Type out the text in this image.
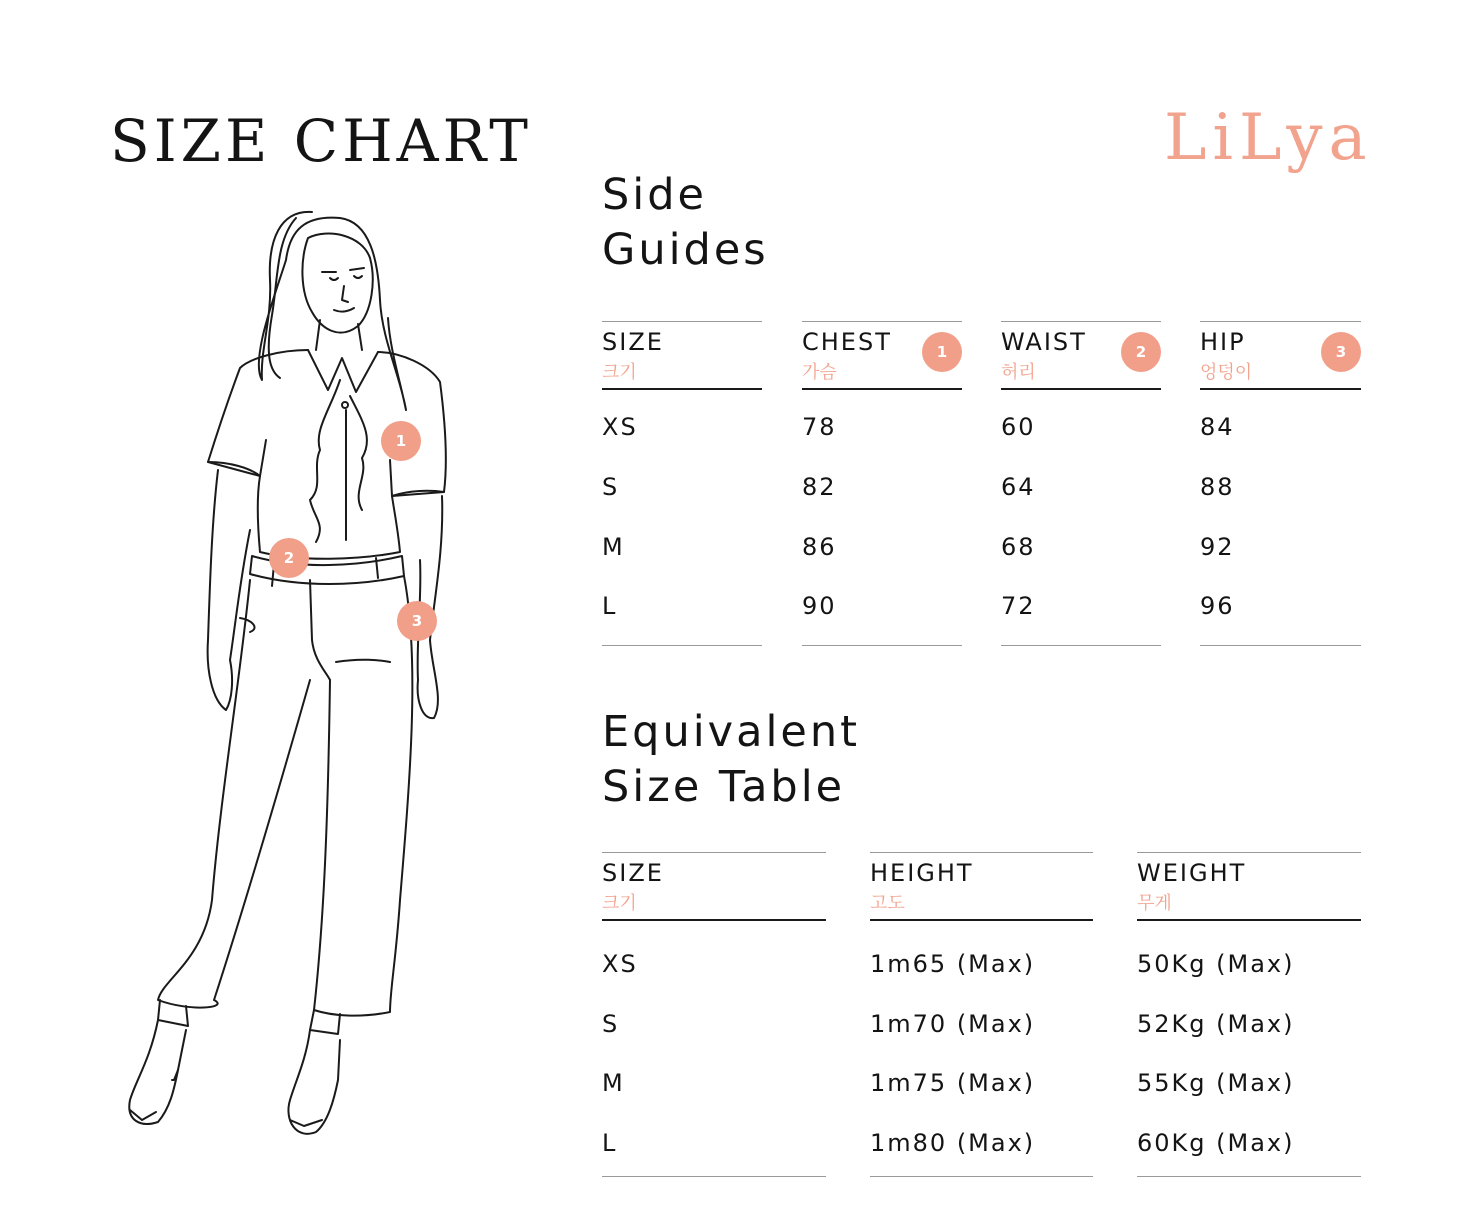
SIZE CHART	LiLya
1
2
3
Side
Guides
SIZE
크기
XS
S
M
L
CHEST
가슴
1
78
82
86
90
WAIST
허리
2
60
64
68
72
HIP
엉덩이
3
84
88
92
96
Equivalent
Size Table
SIZE
크기
XS
S
M
L
HEIGHT
고도
1m65 (Max)
1m70 (Max)
1m75 (Max)
1m80 (Max)
WEIGHT
무게
50Kg (Max)
52Kg (Max)
55Kg (Max)
60Kg (Max)
